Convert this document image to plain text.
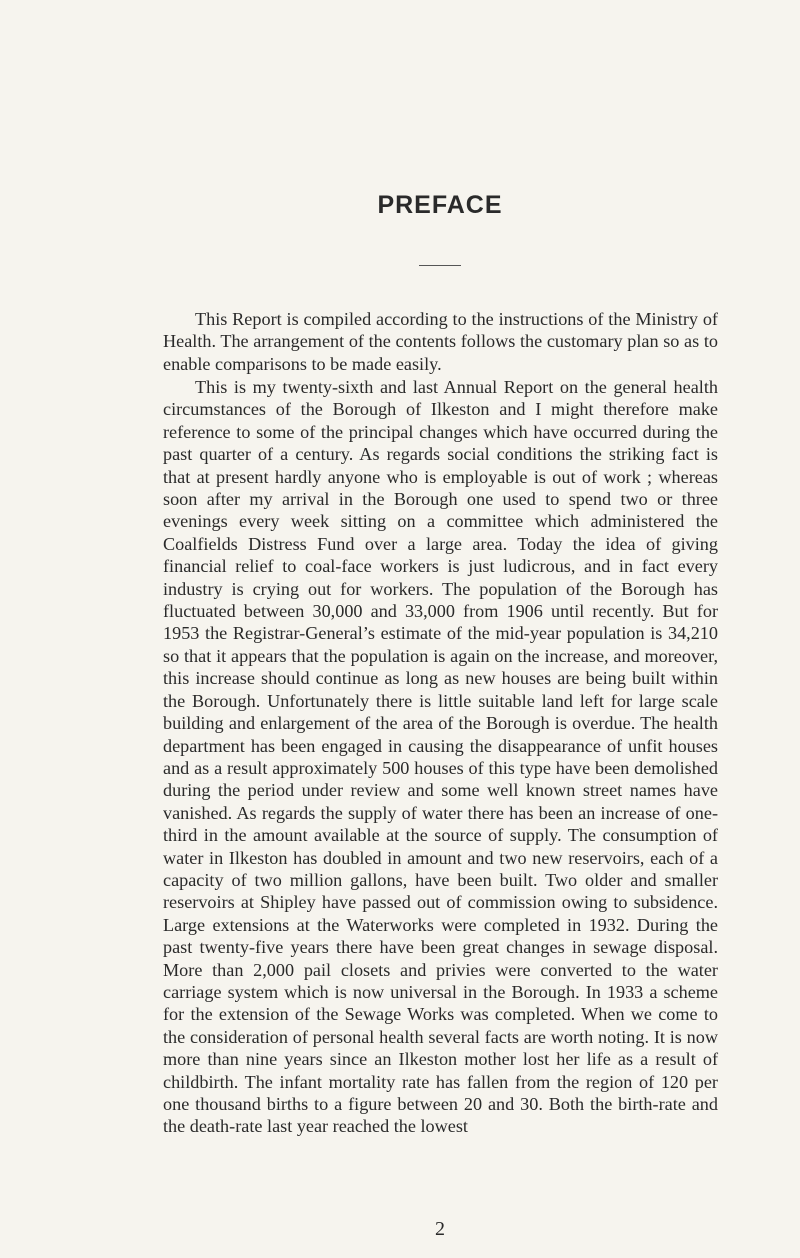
PREFACE

This Report is compiled according to the instructions of the Ministry of Health. The arrangement of the contents follows the customary plan so as to enable comparisons to be made easily.

This is my twenty-sixth and last Annual Report on the general health circumstances of the Borough of Ilkeston and I might therefore make reference to some of the principal changes which have occurred during the past quarter of a century. As regards social conditions the striking fact is that at present hardly anyone who is employable is out of work ; whereas soon after my arrival in the Borough one used to spend two or three evenings every week sitting on a committee which administered the Coalfields Distress Fund over a large area. Today the idea of giving financial relief to coal-face workers is just ludicrous, and in fact every industry is crying out for workers. The population of the Borough has fluctuated between 30,000 and 33,000 from 1906 until recently. But for 1953 the Registrar-General’s estimate of the mid-year population is 34,210 so that it appears that the population is again on the increase, and moreover, this increase should continue as long as new houses are being built within the Borough. Unfortunately there is little suitable land left for large scale building and enlargement of the area of the Borough is overdue. The health department has been engaged in causing the disappearance of unfit houses and as a result approximately 500 houses of this type have been demolished during the period under review and some well known street names have vanished. As regards the supply of water there has been an increase of one-third in the amount available at the source of supply. The consumption of water in Ilkeston has doubled in amount and two new reservoirs, each of a capacity of two million gallons, have been built. Two older and smaller reservoirs at Shipley have passed out of commission owing to subsidence. Large extensions at the Waterworks were completed in 1932. During the past twenty-five years there have been great changes in sewage disposal. More than 2,000 pail closets and privies were converted to the water carriage system which is now universal in the Borough. In 1933 a scheme for the extension of the Sewage Works was completed. When we come to the consideration of personal health several facts are worth noting. It is now more than nine years since an Ilkeston mother lost her life as a result of childbirth. The infant mortality rate has fallen from the region of 120 per one thousand births to a figure between 20 and 30. Both the birth-rate and the death-rate last year reached the lowest

2
